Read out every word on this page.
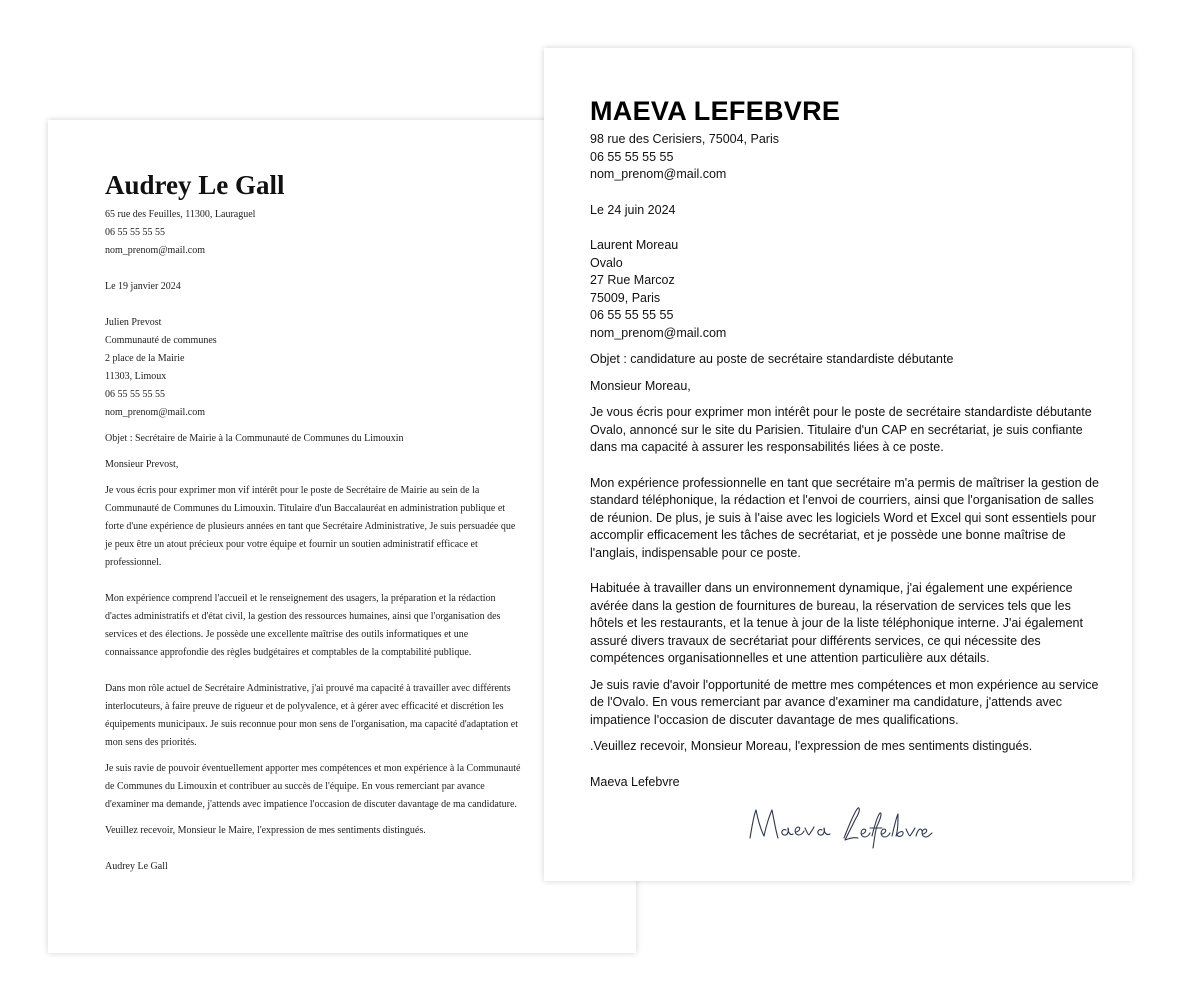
Audrey Le Gall
65 rue des Feuilles, 11300, Lauraguel
06 55 55 55 55
nom_prenom@mail.com
Le 19 janvier 2024
Julien Prevost
Communauté de communes
2 place de la Mairie
11303, Limoux
06 55 55 55 55
nom_prenom@mail.com
Objet : Secrétaire de Mairie à la Communauté de Communes du Limouxin
Monsieur Prevost,
Je vous écris pour exprimer mon vif intérêt pour le poste de Secrétaire de Mairie au sein de la
Communauté de Communes du Limouxin. Titulaire d'un Baccalauréat en administration publique et
forte d'une expérience de plusieurs années en tant que Secrétaire Administrative, Je suis persuadée que
je peux être un atout précieux pour votre équipe et fournir un soutien administratif efficace et
professionnel.
Mon expérience comprend l'accueil et le renseignement des usagers, la préparation et la rédaction
d'actes administratifs et d'état civil, la gestion des ressources humaines, ainsi que l'organisation des
services et des élections. Je possède une excellente maîtrise des outils informatiques et une
connaissance approfondie des règles budgétaires et comptables de la comptabilité publique.
Dans mon rôle actuel de Secrétaire Administrative, j'ai prouvé ma capacité à travailler avec différents
interlocuteurs, à faire preuve de rigueur et de polyvalence, et à gérer avec efficacité et discrétion les
équipements municipaux. Je suis reconnue pour mon sens de l'organisation, ma capacité d'adaptation et
mon sens des priorités.
Je suis ravie de pouvoir éventuellement apporter mes compétences et mon expérience à la Communauté
de Communes du Limouxin et contribuer au succès de l'équipe. En vous remerciant par avance
d'examiner ma demande, j'attends avec impatience l'occasion de discuter davantage de ma candidature.
Veuillez recevoir, Monsieur le Maire, l'expression de mes sentiments distingués.
Audrey Le Gall
MAEVA LEFEBVRE
98 rue des Cerisiers, 75004, Paris
06 55 55 55 55
nom_prenom@mail.com
Le 24 juin 2024
Laurent Moreau
Ovalo
27 Rue Marcoz
75009, Paris
06 55 55 55 55
nom_prenom@mail.com
Objet : candidature au poste de secrétaire standardiste débutante
Monsieur Moreau,
Je vous écris pour exprimer mon intérêt pour le poste de secrétaire standardiste débutante
Ovalo, annoncé sur le site du Parisien. Titulaire d'un CAP en secrétariat, je suis confiante
dans ma capacité à assurer les responsabilités liées à ce poste.
Mon expérience professionnelle en tant que secrétaire m'a permis de maîtriser la gestion de
standard téléphonique, la rédaction et l'envoi de courriers, ainsi que l'organisation de salles
de réunion. De plus, je suis à l'aise avec les logiciels Word et Excel qui sont essentiels pour
accomplir efficacement les tâches de secrétariat, et je possède une bonne maîtrise de
l'anglais, indispensable pour ce poste.
Habituée à travailler dans un environnement dynamique, j'ai également une expérience
avérée dans la gestion de fournitures de bureau, la réservation de services tels que les
hôtels et les restaurants, et la tenue à jour de la liste téléphonique interne. J'ai également
assuré divers travaux de secrétariat pour différents services, ce qui nécessite des
compétences organisationnelles et une attention particulière aux détails.
Je suis ravie d'avoir l'opportunité de mettre mes compétences et mon expérience au service
de l'Ovalo. En vous remerciant par avance d'examiner ma candidature, j'attends avec
impatience l'occasion de discuter davantage de mes qualifications.
.Veuillez recevoir, Monsieur Moreau, l'expression de mes sentiments distingués.
Maeva Lefebvre
